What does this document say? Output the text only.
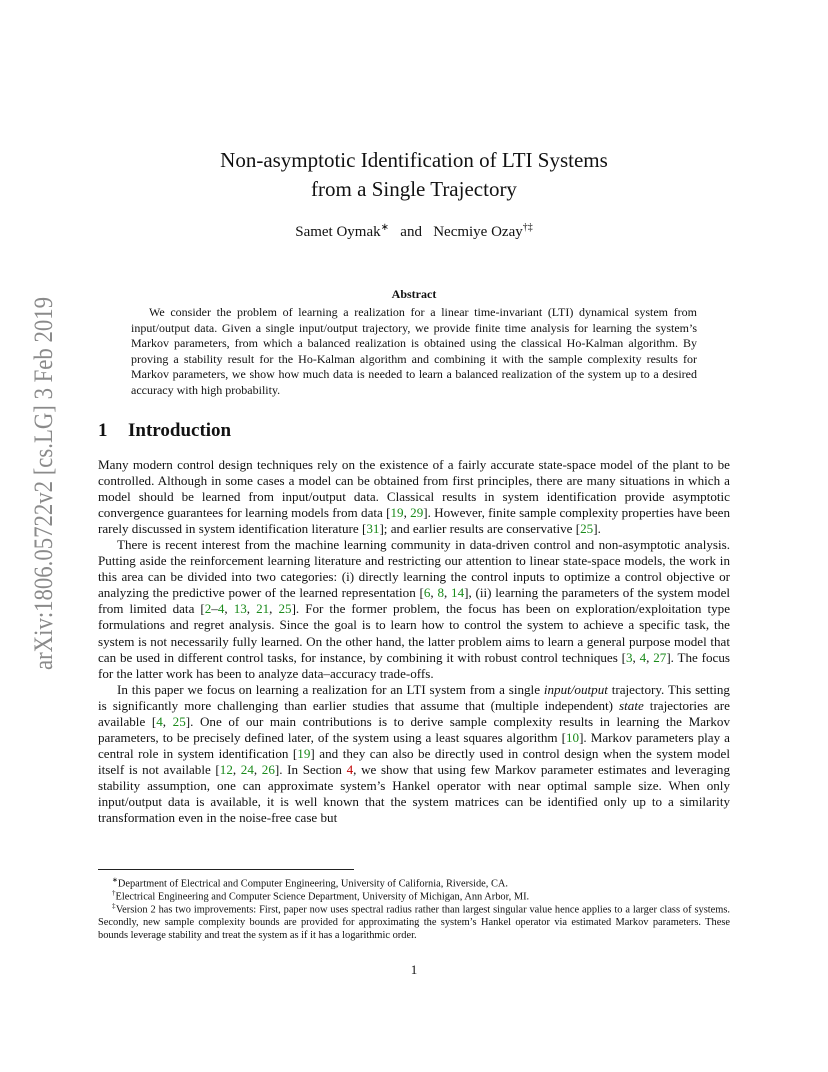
arXiv:1806.05722v2 [cs.LG] 3 Feb 2019
Non-asymptotic Identification of LTI Systems
from a Single Trajectory
Samet Oymak∗ and Necmiye Ozay†‡
Abstract
We consider the problem of learning a realization for a linear time-invariant (LTI) dynamical system from input/output data. Given a single input/output trajectory, we provide finite time analysis for learning the system’s Markov parameters, from which a balanced realization is obtained using the classical Ho-Kalman algorithm. By proving a stability result for the Ho-Kalman algorithm and combining it with the sample complexity results for Markov parameters, we show how much data is needed to learn a balanced realization of the system up to a desired accuracy with high probability.
1 Introduction

Many modern control design techniques rely on the existence of a fairly accurate state-space model of the plant to be controlled. Although in some cases a model can be obtained from first principles, there are many situations in which a model should be learned from input/output data. Classical results in system identification provide asymptotic convergence guarantees for learning models from data [19, 29]. However, finite sample complexity properties have been rarely discussed in system identification literature [31]; and earlier results are conservative [25].

There is recent interest from the machine learning community in data-driven control and non-asymptotic analysis. Putting aside the reinforcement learning literature and restricting our attention to linear state-space models, the work in this area can be divided into two categories: (i) directly learning the control inputs to optimize a control objective or analyzing the predictive power of the learned representation [6, 8, 14], (ii) learning the parameters of the system model from limited data [2–4, 13, 21, 25]. For the former problem, the focus has been on exploration/exploitation type formulations and regret analysis. Since the goal is to learn how to control the system to achieve a specific task, the system is not necessarily fully learned. On the other hand, the latter problem aims to learn a general purpose model that can be used in different control tasks, for instance, by combining it with robust control techniques [3, 4, 27]. The focus for the latter work has been to analyze data–accuracy trade-offs.

In this paper we focus on learning a realization for an LTI system from a single input/output trajectory. This setting is significantly more challenging than earlier studies that assume that (multiple independent) state trajectories are available [4, 25]. One of our main contributions is to derive sample complexity results in learning the Markov parameters, to be precisely defined later, of the system using a least squares algorithm [10]. Markov parameters play a central role in system identification [19] and they can also be directly used in control design when the system model itself is not available [12, 24, 26]. In Section 4, we show that using few Markov parameter estimates and leveraging stability assumption, one can approximate system’s Hankel operator with near optimal sample size. When only input/output data is available, it is well known that the system matrices can be identified only up to a similarity transformation even in the noise-free case but

∗Department of Electrical and Computer Engineering, University of California, Riverside, CA.
†Electrical Engineering and Computer Science Department, University of Michigan, Ann Arbor, MI.
‡Version 2 has two improvements: First, paper now uses spectral radius rather than largest singular value hence applies to a larger class of systems. Secondly, new sample complexity bounds are provided for approximating the system’s Hankel operator via estimated Markov parameters. These bounds leverage stability and treat the system as if it has a logarithmic order.
1
